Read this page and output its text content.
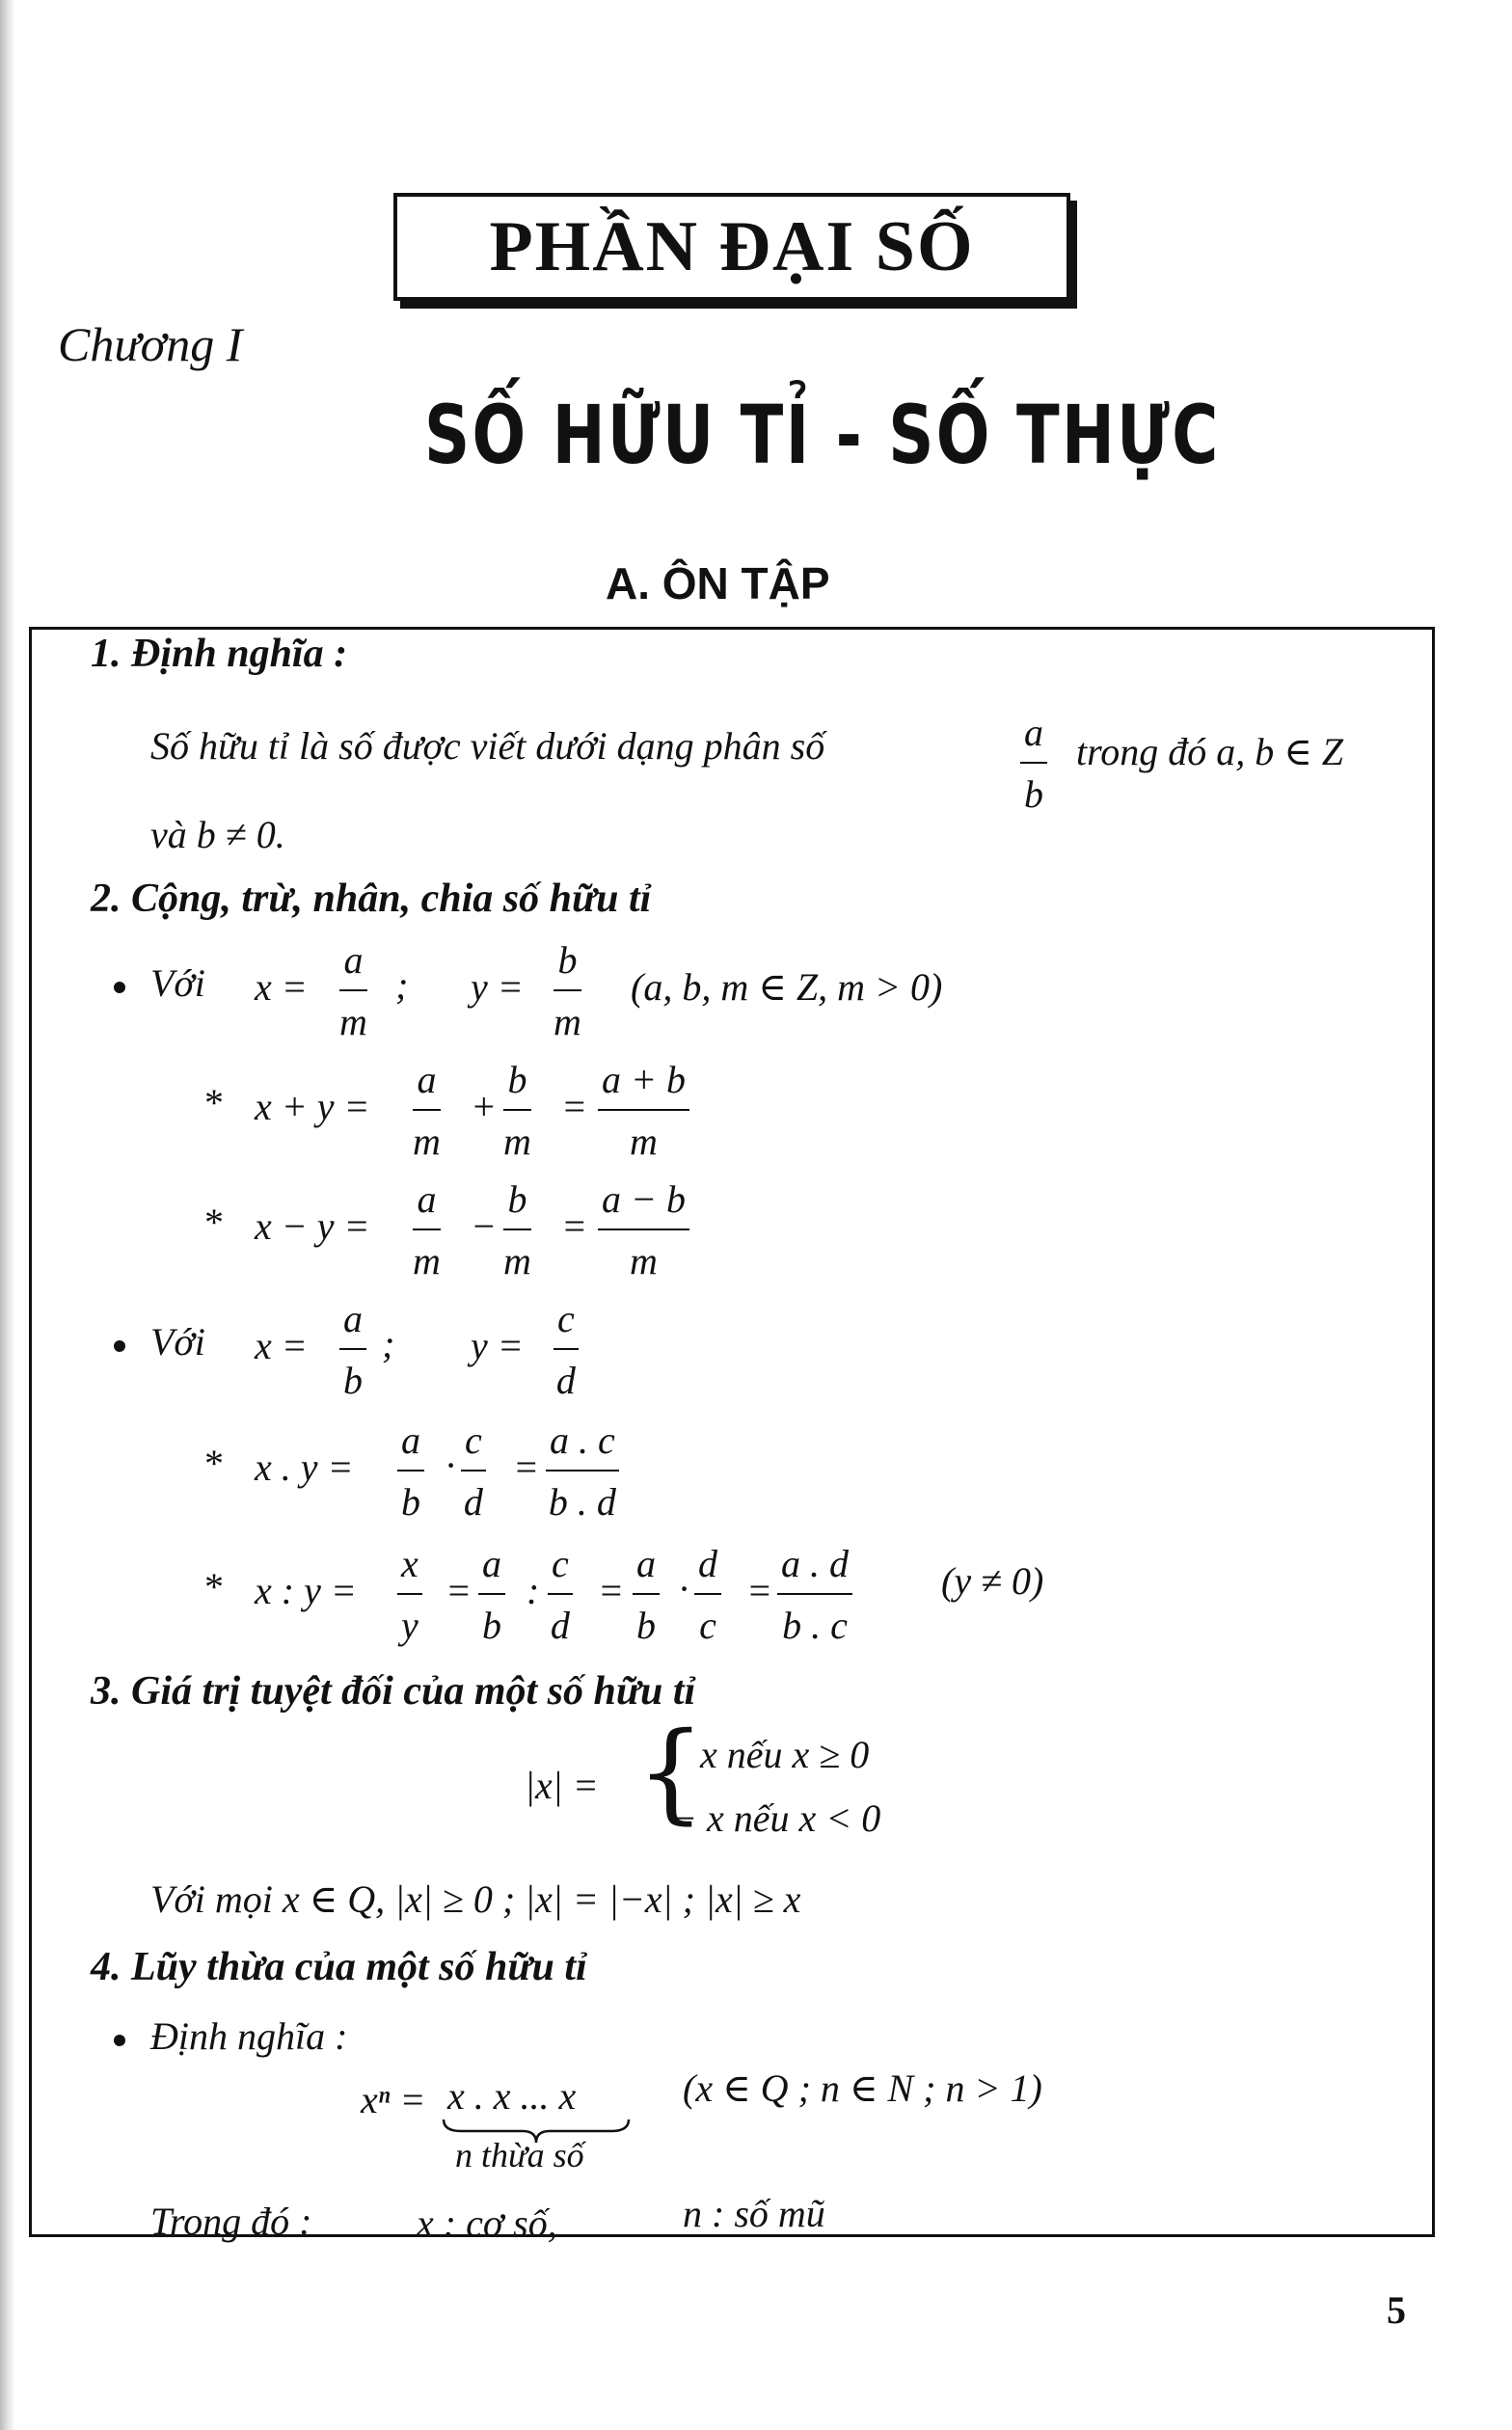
PHẦN ĐẠI SỐ
Chương I
SỐ HỮU TỈ - SỐ THỰC
A. ÔN TẬP
1. Định nghĩa :
Số hữu tỉ là số được viết dưới dạng phân số	$\frac{a}{b}$ trong đó a, b ∈ Z
và b ≠ 0.
2. Cộng, trừ, nhân, chia số hữu tỉ
Với $x = \frac{a}{m}$ ; $y = \frac{b}{m} (a$, b, m ∈ Z, m > 0)
* $x + y = \frac{a}{m} + \frac{b}{m} = \frac{a + b}{m}$
* $x - y = \frac{a}{m} - \frac{b}{m} = \frac{a - b}{m}$
Với $x = \frac{a}{b}$ ; $y = \frac{c}{d}$
* x . $y = \frac{a}{b} \cdot \frac{c}{d} = \frac{a . c}{b . d}$
* x : $y = \frac{x}{y} = \frac{a}{b}$ : $\frac{c}{d} = \frac{a}{b} \cdot \frac{d}{c} = \frac{a . d}{b . c} (y \ne 0)$
3. Giá trị tuyệt đối của một số hữu tỉ
|x| = {
x nếu x ≥ 0
− x nếu x < 0
Với mọi x ∈ Q, |x| ≥ 0 ; |x| = |−x| ; |x| ≥ x
4. Lũy thừa của một số hữu tỉ
Định nghĩa :
xⁿ = x . x ... x
n thừa số
(x ∈ Q ; n ∈ N ; n > 1)
Trong đó :	x : cơ số,	n : số mũ
5
